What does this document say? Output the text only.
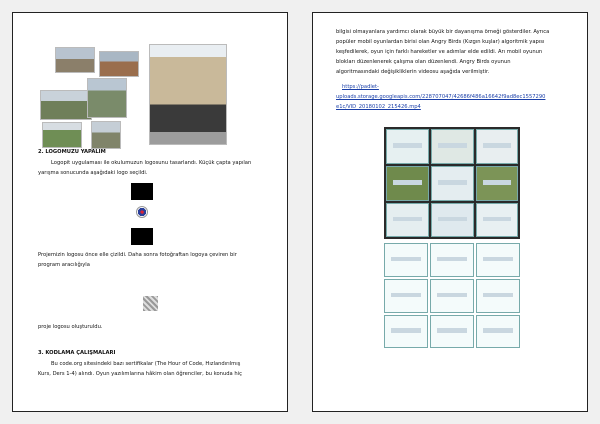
2. LOGOMUZU YAPALIM
Logopit uygulaması ile okulumuzun logosunu tasarlandı. Küçük çapta yapılan
yarışma sonucunda aşağıdaki logo seçildi.
Projemizin logosu önce elle çizildi. Daha sonra fotoğraftan logoya çeviren bir
program aracılığıyla
proje logosu oluşturuldu.
3. KODLAMA ÇALIŞMALARI
Bu code.org sitesindeki bazı sertifikalar (The Hour of Code, Hızlandırılmış
Kurs, Ders 1-4) alındı. Oyun yazılımlarına hâkim olan öğrenciler, bu konuda hiç
bilgisi olmayanlara yardımcı olarak büyük bir dayanışma örneği gösterdiler. Ayrıca
popüler mobil oyunlardan birisi olan Angry Birds (Kızgın kuşlar) algoritmik yapısı
keşfedilerek, oyun için farklı hareketler ve adımlar elde edildi. Arı mobil oyunun
blokları düzenlenerek çalışma olan düzenlendi. Angry Birds oyunun
algoritmasındaki değişikliklerin videosu aşağıda verilmiştir.
https://padlet-
uploads.storage.googleapis.com/228707047/42686f486a16642f9ad8ec1557290
e1c/VID_20180102_215426.mp4
